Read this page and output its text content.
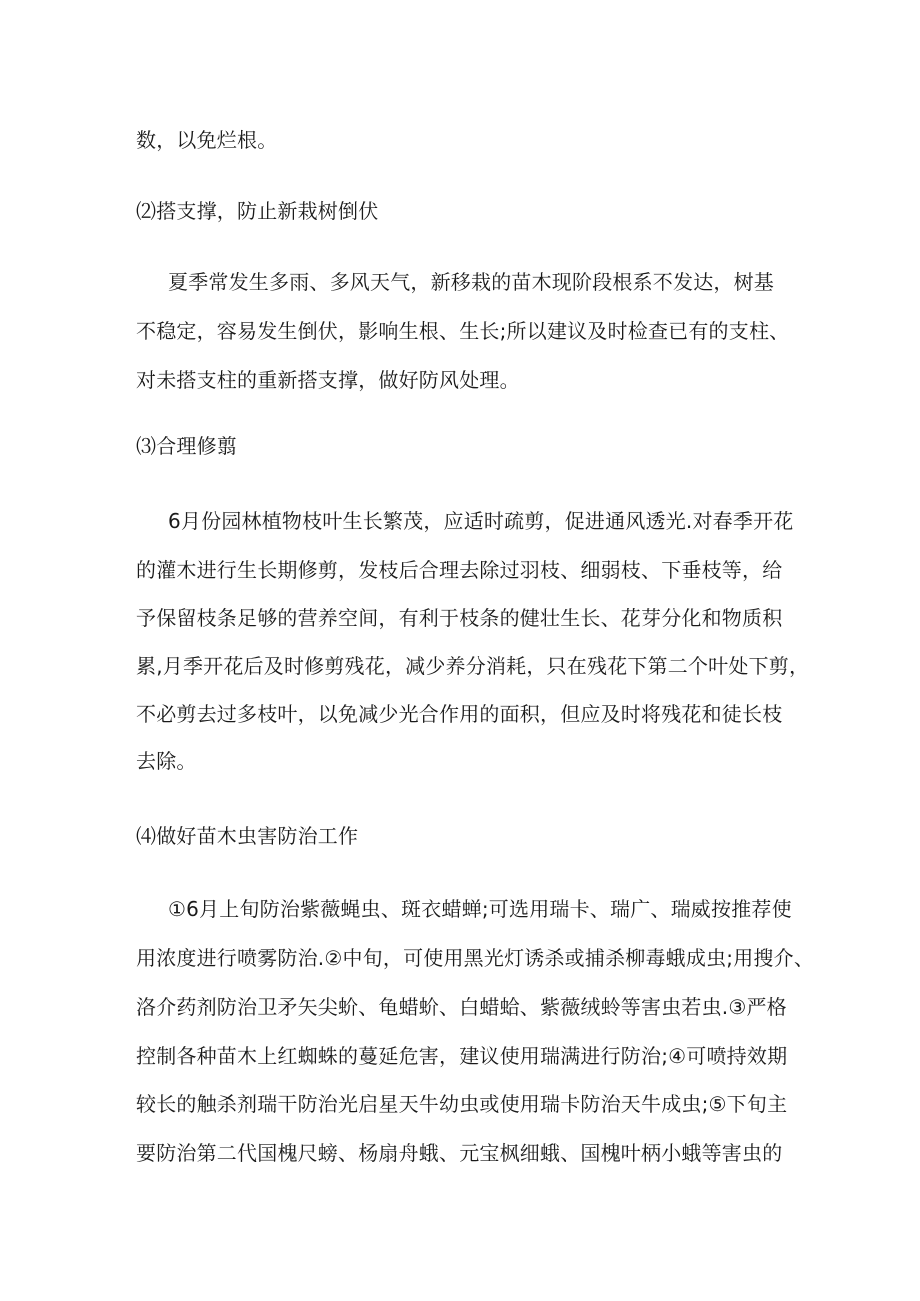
数，以免烂根。

⑵搭支撑，防止新栽树倒伏

夏季常发生多雨、多风天气，新移栽的苗木现阶段根系不发达，树基

不稳定，容易发生倒伏，影响生根、生长;所以建议及时检查已有的支柱、

对未搭支柱的重新搭支撑，做好防风处理。

⑶合理修翦

6月份园林植物枝叶生长繁茂，应适时疏剪，促进通风透光.对春季开花

的灌木进行生长期修剪，发枝后合理去除过羽枝、细弱枝、下垂枝等，给

予保留枝条足够的营养空间，有利于枝条的健壮生长、花芽分化和物质积

累,月季开花后及时修剪残花，减少养分消耗，只在残花下第二个叶处下剪，

不必剪去过多枝叶，以免减少光合作用的面积，但应及时将残花和徒长枝

去除。

⑷做好苗木虫害防治工作

①6月上旬防治紫薇蝇虫、斑衣蜡蝉;可选用瑞卡、瑞广、瑞威按推荐使

用浓度进行喷雾防治.②中旬，可使用黑光灯诱杀或捕杀柳毒蛾成虫;用搜介、

洛介药剂防治卫矛矢尖蚧、龟蜡蚧、白蜡蛤、紫薇绒蛉等害虫若虫.③严格

控制各种苗木上红蜘蛛的蔓延危害，建议使用瑞满进行防治;④可喷持效期

较长的触杀剂瑞干防治光启星天牛幼虫或使用瑞卡防治天牛成虫;⑤下旬主

要防治第二代国槐尺螃、杨扇舟蛾、元宝枫细蛾、国槐叶柄小蛾等害虫的
